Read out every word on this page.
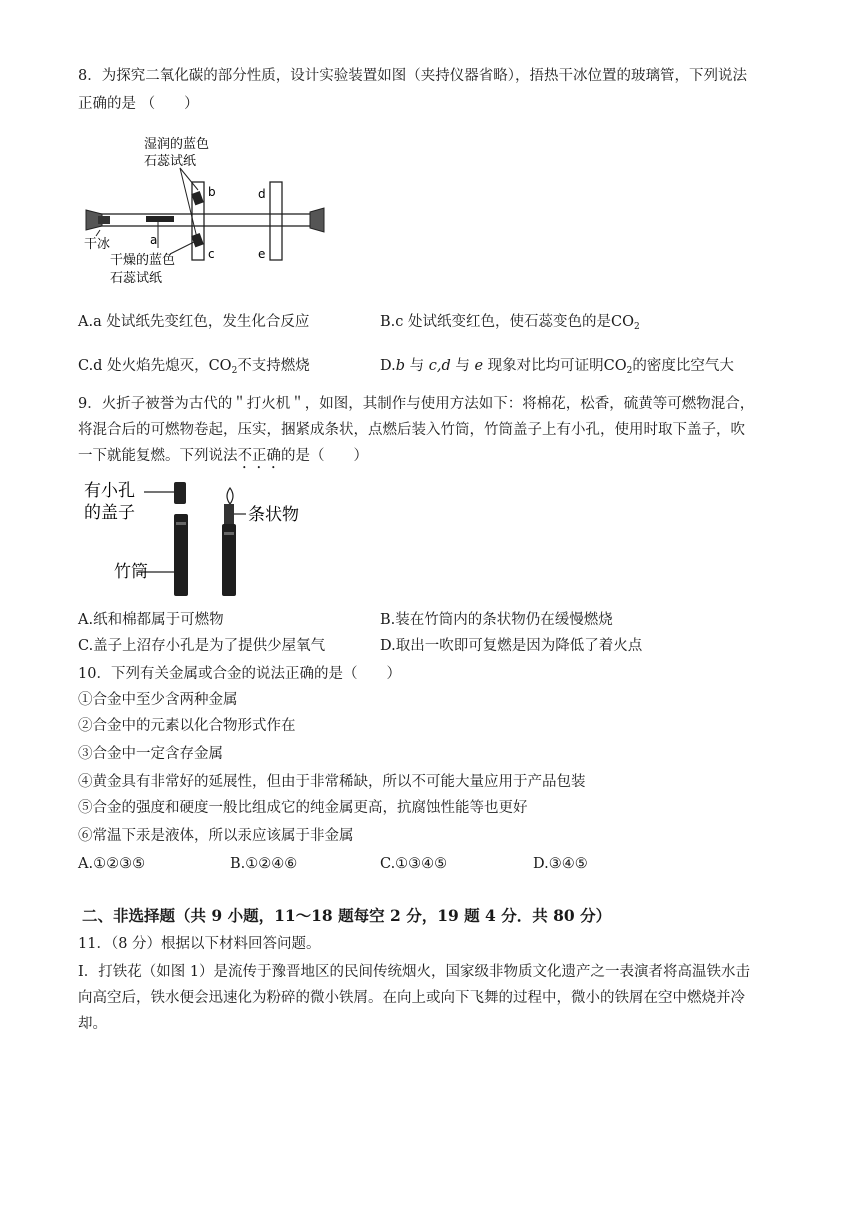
8．为探究二氧化碳的部分性质，设计实验装置如图（夹持仪器省略），捂热干冰位置的玻璃管，下列说法
正确的是 （　　）
湿润的蓝色
石蕊试纸
b
c
d
e
a
干冰
干燥的蓝色
石蕊试纸
A.a 处试纸先变红色，发生化合反应	B.c 处试纸变红色，使石蕊变色的是$CO_2$
C.d 处火焰先熄灭，$CO_2$不支持燃烧	D.b 与 c,d 与 e 现象对比均可证明$CO_2$的密度比空气大
9．火折子被誉为古代的＂打火机＂，如图，其制作与使用方法如下：将棉花，松香，硫黄等可燃物混合，
将混合后的可燃物卷起，压实，捆紧成条状，点燃后装入竹筒，竹筒盖子上有小孔，使用时取下盖子，吹
一下就能复燃。下列说法不正确的是（　　）
有小孔
的盖子
竹筒
条状物
A.纸和棉都属于可燃物	B.装在竹筒内的条状物仍在缓慢燃烧
C.盖子上沼存小孔是为了提供少屋氧气	D.取出一吹即可复燃是因为降低了着火点
10．下列有关金属或合金的说法正确的是（　　）
①合金中至少含两种金属
②合金中的元素以化合物形式作在
③合金中一定含存金属
④黄金具有非常好的延展性，但由于非常稀缺，所以不可能大量应用于产品包装
⑤合金的强度和硬度一般比组成它的纯金属更高，抗腐蚀性能等也更好
⑥常温下汞是液体，所以汞应该属于非金属
A.①②③⑤	B.①②④⑥	C.①③④⑤	D.③④⑤
二、非选择题（共 9 小题，11～18 题每空 2 分，19 题 4 分．共 80 分）
11．（8 分）根据以下材料回答问题。
I．打铁花（如图 1）是流传于豫晋地区的民间传统烟火，国家级非物质文化遗产之一表演者将高温铁水击
向高空后，铁水便会迅速化为粉碎的微小铁屑。在向上或向下飞舞的过程中，微小的铁屑在空中燃烧并冷
却。
